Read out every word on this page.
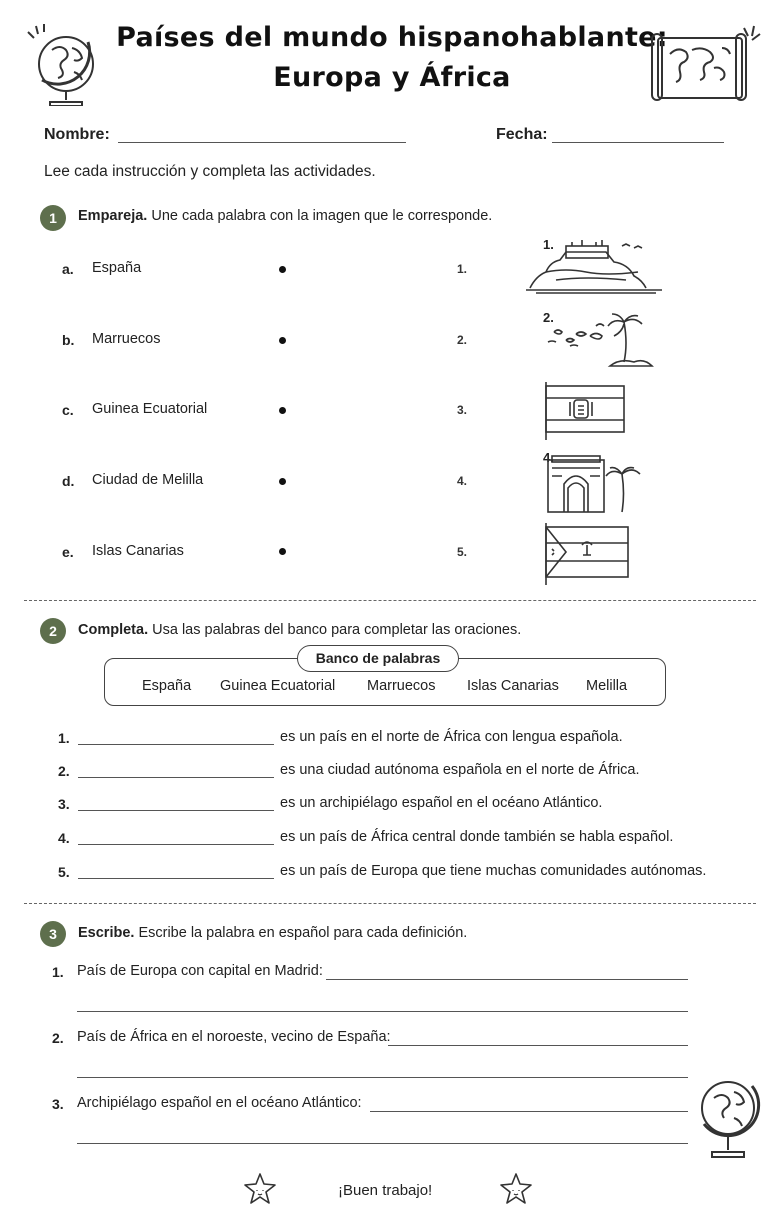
Países del mundo hispanohablante:
Europa y África
Nombre:	Fecha:
Lee cada instrucción y completa las actividades.
1	Empareja. Une cada palabra con la imagen que le corresponde.
a. España	1.
b. Marruecos	2.
c. Guinea Ecuatorial	3.
d. Ciudad de Melilla	4.
e. Islas Canarias	5.
1.
2.
4.
2	Completa. Usa las palabras del banco para completar las oraciones.
Banco de palabras
España Guinea Ecuatorial Marruecos Islas Canarias Melilla
1.	es un país en el norte de África con lengua española.
2.	es una ciudad autónoma española en el norte de África.
3.	es un archipiélago español en el océano Atlántico.
4.	es un país de África central donde también se habla español.
5.	es un país de Europa que tiene muchas comunidades autónomas.
3	Escribe. Escribe la palabra en español para cada definición.
1. País de Europa con capital en Madrid:
2. País de África en el noroeste, vecino de España:
3. Archipiélago español en el océano Atlántico:
¡Buen trabajo!
